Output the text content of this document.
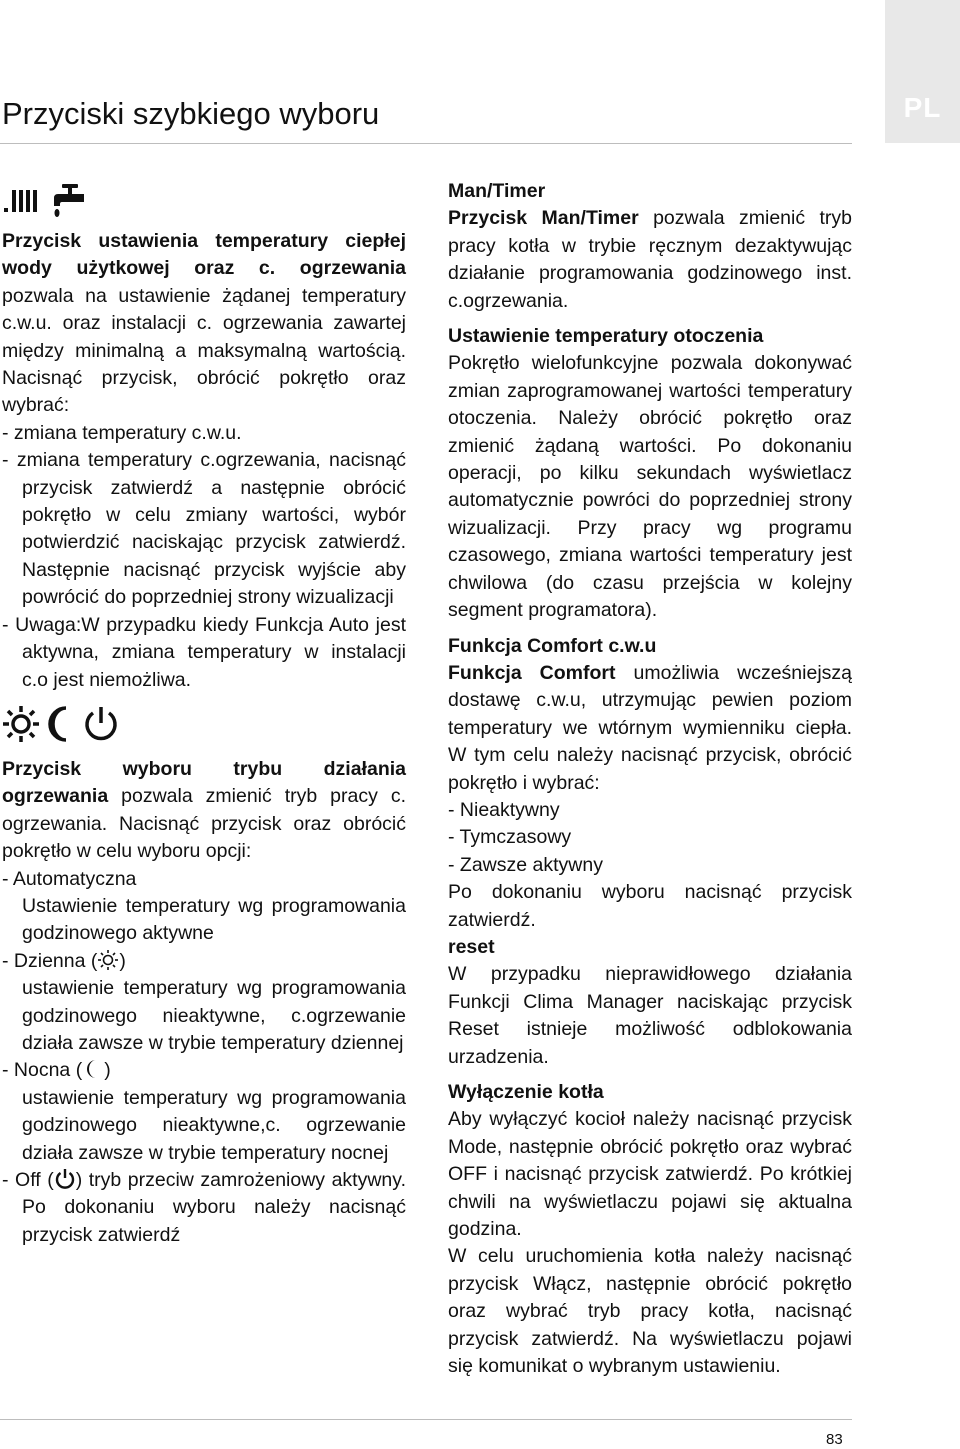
PL
Przyciski szybkiego wyboru

Przycisk ustawienia temperatury ciepłej wody użytkowej oraz c. ogrzewania pozwala na ustawienie żądanej temperatury c.w.u. oraz instalacji c. ogrzewania zawartej między minimalną a maksymalną wartością. Nacisnąć przycisk, obrócić pokrętło oraz wybrać:

- zmiana temperatury c.w.u.

- zmiana temperatury c.ogrzewania, nacisnąć przycisk zatwierdź a następnie obrócić pokrętło w celu zmiany wartości, wybór potwierdzić naciskając przycisk zatwierdź. Następnie nacisnąć przycisk wyjście aby powrócić do poprzedniej strony wizualizacji

- Uwaga:W przypadku kiedy Funkcja Auto jest aktywna, zmiana temperatury w instalacji c.o jest niemożliwa.

Przycisk wyboru trybu działania ogrzewania pozwala zmienić tryb pracy c. ogrzewania. Nacisnąć przycisk oraz obrócić pokrętło w celu wyboru opcji:

- Automatyczna

Ustawienie temperatury wg programowania godzinowego aktywne

- Dzienna ( )

ustawienie temperatury wg programowania godzinowego nieaktywne, c.ogrzewanie działa zawsze w trybie temperatury dziennej

- Nocna ( )

ustawienie temperatury wg programowania godzinowego nieaktywne,c. ogrzewanie działa zawsze w trybie temperatury nocnej

- Off ( ) tryb przeciw zamrożeniowy aktywny. Po dokonaniu wyboru należy nacisnąć przycisk zatwierdź

Man/Timer

Przycisk Man/Timer pozwala zmienić tryb pracy kotła w trybie ręcznym dezaktywując działanie programowania godzinowego inst. c.ogrzewania.

Ustawienie temperatury otoczenia

Pokrętło wielofunkcyjne pozwala dokonywać zmian zaprogramowanej wartości temperatury otoczenia. Należy obrócić pokrętło oraz zmienić żądaną wartości. Po dokonaniu operacji, po kilku sekundach wyświetlacz automatycznie powróci do poprzedniej strony wizualizacji. Przy pracy wg programu czasowego, zmiana wartości temperatury jest chwilowa (do czasu przejścia w kolejny segment programatora).

Funkcja Comfort c.w.u

Funkcja Comfort umożliwia wcześniejszą dostawę c.w.u, utrzymując pewien poziom temperatury we wtórnym wymienniku ciepła. W tym celu należy nacisnąć przycisk, obrócić pokrętło i wybrać:

- Nieaktywny

- Tymczasowy

- Zawsze aktywny

Po dokonaniu wyboru nacisnąć przycisk zatwierdź.

reset

W przypadku nieprawidłowego działania Funkcji Clima Manager naciskając przycisk Reset istnieje możliwość odblokowania urzadzenia.

Wyłączenie kotła

Aby wyłączyć kocioł należy nacisnąć przycisk Mode, następnie obrócić pokrętło oraz wybrać OFF i nacisnąć przycisk zatwierdź. Po krótkiej chwili na wyświetlaczu pojawi się aktualna godzina.

W celu uruchomienia kotła należy nacisnąć przycisk Włącz, następnie obrócić pokrętło oraz wybrać tryb pracy kotła, nacisnąć przycisk zatwierdź. Na wyświetlaczu pojawi się komunikat o wybranym ustawieniu.

83
